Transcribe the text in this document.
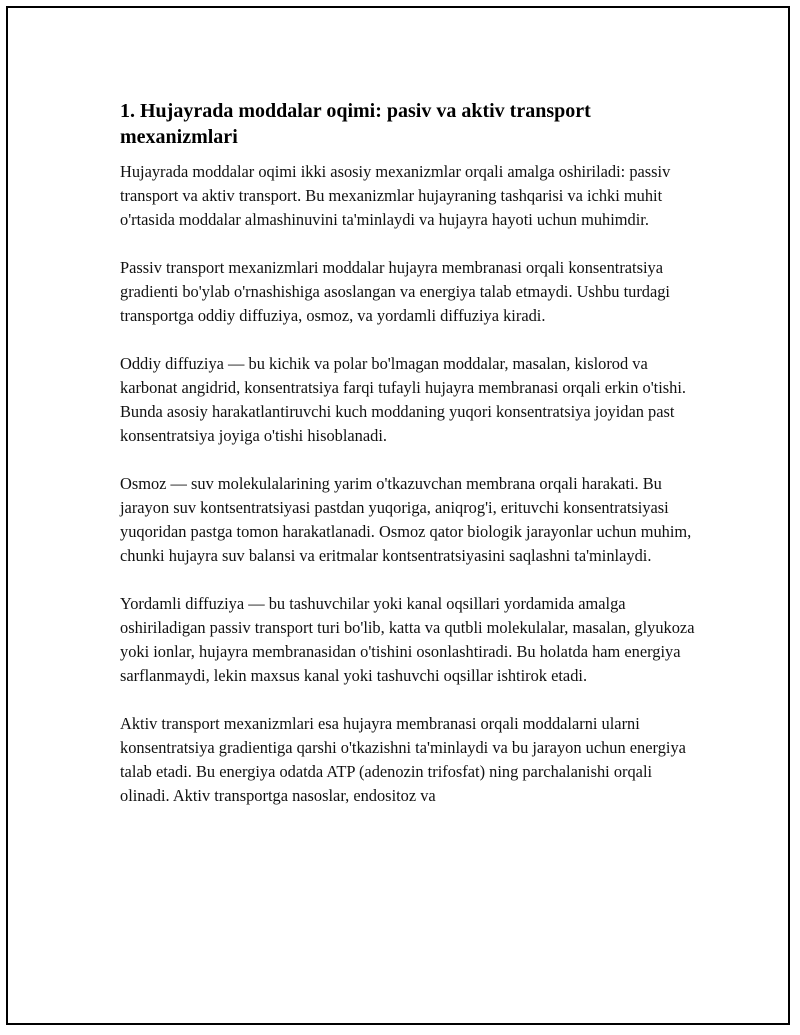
1. Hujayrada moddalar oqimi: pasiv va aktiv transport mexanizmlari

Hujayrada moddalar oqimi ikki asosiy mexanizmlar orqali amalga oshiriladi: passiv transport va aktiv transport. Bu mexanizmlar hujayraning tashqarisi va ichki muhit o'rtasida moddalar almashinuvini ta'minlaydi va hujayra hayoti uchun muhimdir.

Passiv transport mexanizmlari moddalar hujayra membranasi orqali konsentratsiya gradienti bo'ylab o'rnashishiga asoslangan va energiya talab etmaydi. Ushbu turdagi transportga oddiy diffuziya, osmoz, va yordamli diffuziya kiradi.

Oddiy diffuziya — bu kichik va polar bo'lmagan moddalar, masalan, kislorod va karbonat angidrid, konsentratsiya farqi tufayli hujayra membranasi orqali erkin o'tishi. Bunda asosiy harakatlantiruvchi kuch moddaning yuqori konsentratsiya joyidan past konsentratsiya joyiga o'tishi hisoblanadi.

Osmoz — suv molekulalarining yarim o'tkazuvchan membrana orqali harakati. Bu jarayon suv kontsentratsiyasi pastdan yuqoriga, aniqrog'i, erituvchi konsentratsiyasi yuqoridan pastga tomon harakatlanadi. Osmoz qator biologik jarayonlar uchun muhim, chunki hujayra suv balansi va eritmalar kontsentratsiyasini saqlashni ta'minlaydi.

Yordamli diffuziya — bu tashuvchilar yoki kanal oqsillari yordamida amalga oshiriladigan passiv transport turi bo'lib, katta va qutbli molekulalar, masalan, glyukoza yoki ionlar, hujayra membranasidan o'tishini osonlashtiradi. Bu holatda ham energiya sarflanmaydi, lekin maxsus kanal yoki tashuvchi oqsillar ishtirok etadi.

Aktiv transport mexanizmlari esa hujayra membranasi orqali moddalarni ularni konsentratsiya gradientiga qarshi o'tkazishni ta'minlaydi va bu jarayon uchun energiya talab etadi. Bu energiya odatda ATP (adenozin trifosfat) ning parchalanishi orqali olinadi. Aktiv transportga nasoslar, endositoz va
